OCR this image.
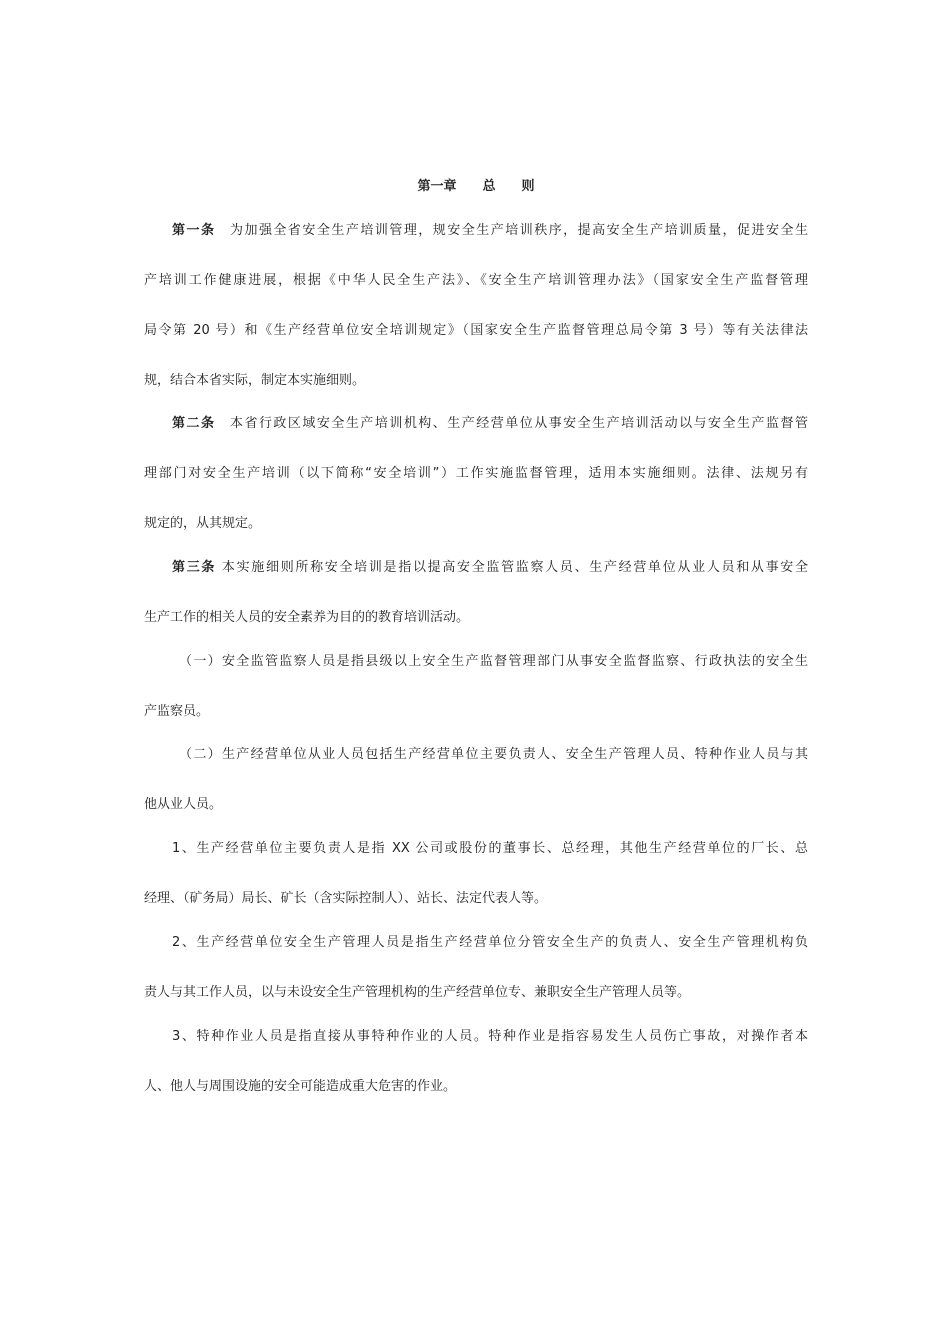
第一章　　总　　则
第一条　 为加强全省安全生产培训管理，规安全生产培训秩序，提高安全生产培训质量，促进安全生
产培训工作健康进展，根据《中华人民全生产法》、《安全生产培训管理办法》（国家安全生产监督管理
局令第 20 号）和《生产经营单位安全培训规定》（国家安全生产监督管理总局令第 3 号）等有关法律法
规，结合本省实际，制定本实施细则。
第二条　 本省行政区域安全生产培训机构、生产经营单位从事安全生产培训活动以与安全生产监督管
理部门对安全生产培训（以下简称“安全培训”）工作实施监督管理，适用本实施细则。法律、法规另有
规定的，从其规定。
第三条 本实施细则所称安全培训是指以提高安全监管监察人员、生产经营单位从业人员和从事安全
生产工作的相关人员的安全素养为目的的教育培训活动。
（一）安全监管监察人员是指县级以上安全生产监督管理部门从事安全监督监察、行政执法的安全生
产监察员。
（二）生产经营单位从业人员包括生产经营单位主要负责人、安全生产管理人员、特种作业人员与其
他从业人员。
1、生产经营单位主要负责人是指 XX 公司或股份的董事长、总经理，其他生产经营单位的厂长、总
经理、（矿务局）局长、矿长（含实际控制人）、站长、法定代表人等。
2、生产经营单位安全生产管理人员是指生产经营单位分管安全生产的负责人、安全生产管理机构负
责人与其工作人员，以与未设安全生产管理机构的生产经营单位专、兼职安全生产管理人员等。
3、特种作业人员是指直接从事特种作业的人员。特种作业是指容易发生人员伤亡事故，对操作者本
人、他人与周围设施的安全可能造成重大危害的作业。
